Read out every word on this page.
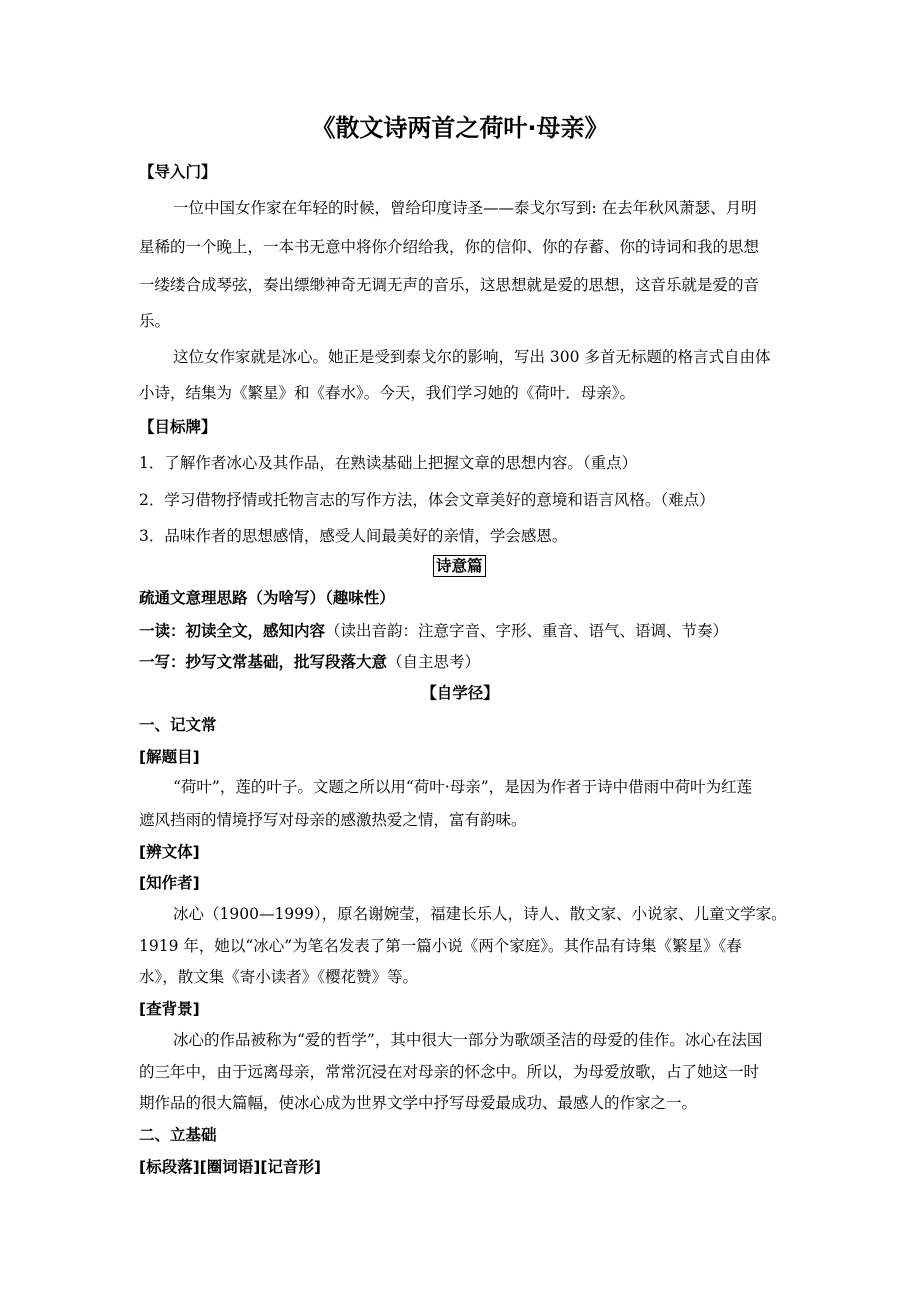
《散文诗两首之荷叶·母亲》
【导入门】
一位中国女作家在年轻的时候，曾给印度诗圣——泰戈尔写到: 在去年秋风萧瑟、月明
星稀的一个晚上，一本书无意中将你介绍给我，你的信仰、你的存蓄、你的诗词和我的思想
一缕缕合成琴弦，奏出缥缈神奇无调无声的音乐，这思想就是爱的思想，这音乐就是爱的音
乐。
这位女作家就是冰心。她正是受到泰戈尔的影响，写出 300 多首无标题的格言式自由体
小诗，结集为《繁星》和《春水》。今天，我们学习她的《荷叶．母亲》。
【目标牌】
1．了解作者冰心及其作品，在熟读基础上把握文章的思想内容。（重点）
2．学习借物抒情或托物言志的写作方法，体会文章美好的意境和语言风格。（难点）
3．品味作者的思想感情，感受人间最美好的亲情，学会感恩。
诗意篇
疏通文意理思路（为啥写）（趣味性）
一读：初读全文，感知内容（读出音韵：注意字音、字形、重音、语气、语调、节奏）
一写：抄写文常基础，批写段落大意（自主思考）
【自学径】
一、记文常
[解题目]
“荷叶”，莲的叶子。文题之所以用“荷叶·母亲”，是因为作者于诗中借雨中荷叶为红莲
遮风挡雨的情境抒写对母亲的感激热爱之情，富有韵味。
[辨文体]
[知作者]
冰心（1900—1999），原名谢婉莹，福建长乐人，诗人、散文家、小说家、儿童文学家。
1919 年，她以“冰心”为笔名发表了第一篇小说《两个家庭》。其作品有诗集《繁星》《春
水》，散文集《寄小读者》《樱花赞》等。
[查背景]
冰心的作品被称为“爱的哲学”，其中很大一部分为歌颂圣洁的母爱的佳作。冰心在法国
的三年中，由于远离母亲，常常沉浸在对母亲的怀念中。所以，为母爱放歌，占了她这一时
期作品的很大篇幅，使冰心成为世界文学中抒写母爱最成功、最感人的作家之一。
二、立基础
[标段落][圈词语][记音形]
